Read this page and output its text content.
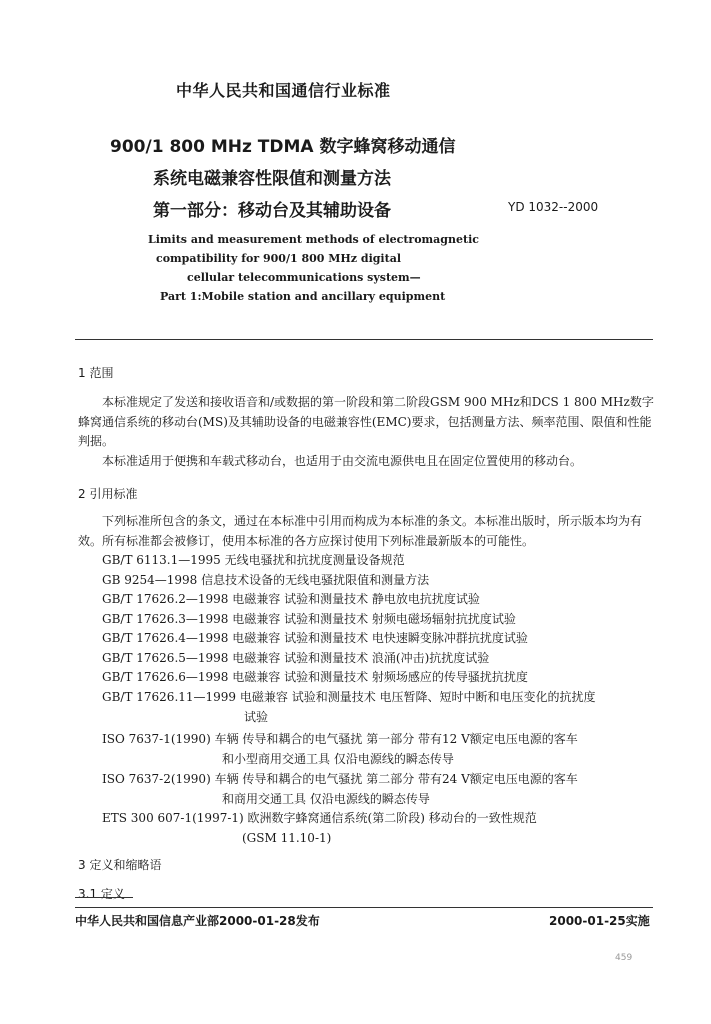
中华人民共和国通信行业标准
900/1 800 MHz TDMA 数字蜂窝移动通信
系统电磁兼容性限值和测量方法
第一部分：移动台及其辅助设备	YD 1032--2000
Limits and measurement methods of electromagnetic
compatibility for 900/1 800 MHz digital
cellular telecommunications system—
Part 1:Mobile station and ancillary equipment
1 范围
本标准规定了发送和接收语音和/或数据的第一阶段和第二阶段GSM 900 MHz和DCS 1 800 MHz数字蜂窝通信系统的移动台(MS)及其辅助设备的电磁兼容性(EMC)要求，包括测量方法、频率范围、限值和性能判据。
本标准适用于便携和车载式移动台，也适用于由交流电源供电且在固定位置使用的移动台。
2 引用标准
下列标准所包含的条文，通过在本标准中引用而构成为本标准的条文。本标准出版时，所示版本均为有效。所有标准都会被修订，使用本标准的各方应探讨使用下列标准最新版本的可能性。
GB/T 6113.1—1995 无线电骚扰和抗扰度测量设备规范
GB 9254—1998 信息技术设备的无线电骚扰限值和测量方法
GB/T 17626.2—1998 电磁兼容 试验和测量技术 静电放电抗扰度试验
GB/T 17626.3—1998 电磁兼容 试验和测量技术 射频电磁场辐射抗扰度试验
GB/T 17626.4—1998 电磁兼容 试验和测量技术 电快速瞬变脉冲群抗扰度试验
GB/T 17626.5—1998 电磁兼容 试验和测量技术 浪涌(冲击)抗扰度试验
GB/T 17626.6—1998 电磁兼容 试验和测量技术 射频场感应的传导骚扰抗扰度
GB/T 17626.11—1999 电磁兼容 试验和测量技术 电压暂降、短时中断和电压变化的抗扰度
试验
ISO 7637-1(1990) 车辆 传导和耦合的电气骚扰 第一部分 带有12 V额定电压电源的客车
和小型商用交通工具 仅沿电源线的瞬态传导
ISO 7637-2(1990) 车辆 传导和耦合的电气骚扰 第二部分 带有24 V额定电压电源的客车
和商用交通工具 仅沿电源线的瞬态传导
ETS 300 607-1(1997-1) 欧洲数字蜂窝通信系统(第二阶段) 移动台的一致性规范
(GSM 11.10-1)
3 定义和缩略语
3.1 定义
中华人民共和国信息产业部2000-01-28发布	2000-01-25实施
459
